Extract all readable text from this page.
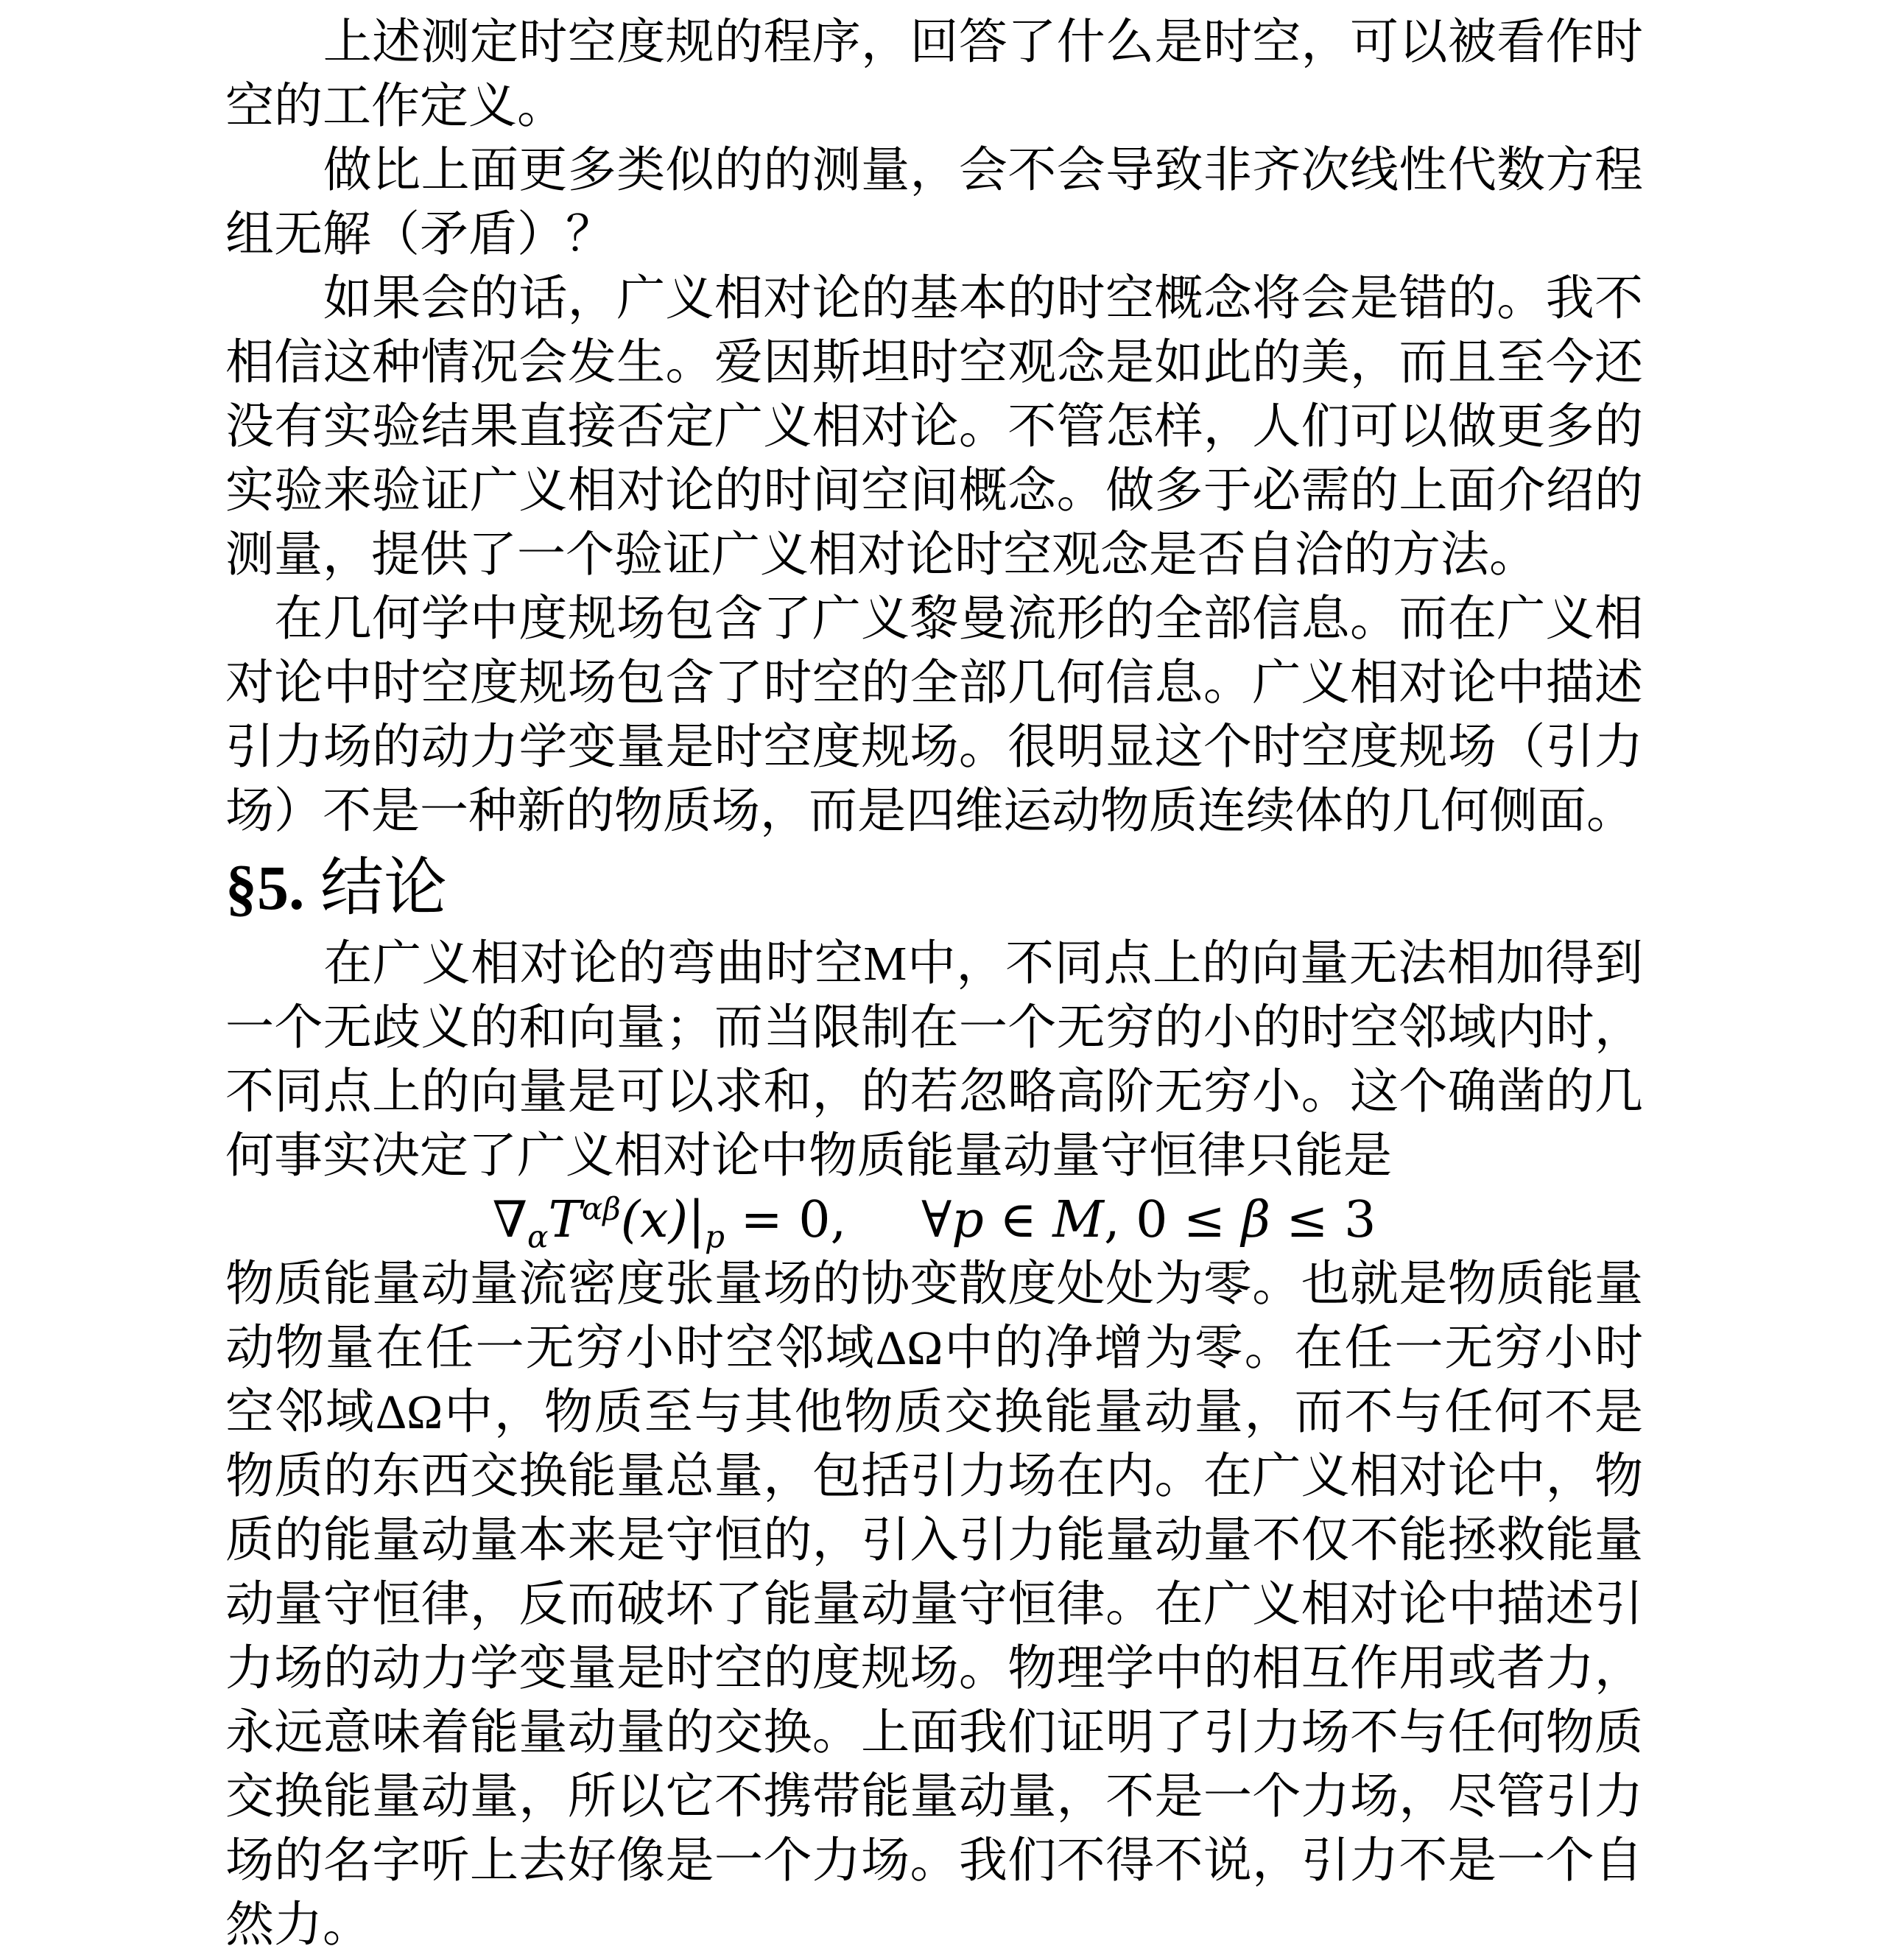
　　上述测定时空度规的程序，回答了什么是时空，可以被看作时空的工作定义。

　　做比上面更多类似的的测量，会不会导致非齐次线性代数方程组无解（矛盾）？

　　如果会的话，广义相对论的基本的时空概念将会是错的。我不相信这种情况会发生。爱因斯坦时空观念是如此的美，而且至今还没有实验结果直接否定广义相对论。不管怎样，人们可以做更多的实验来验证广义相对论的时间空间概念。做多于必需的上面介绍的测量，提供了一个验证广义相对论时空观念是否自洽的方法。

　在几何学中度规场包含了广义黎曼流形的全部信息。而在广义相对论中时空度规场包含了时空的全部几何信息。广义相对论中描述引力场的动力学变量是时空度规场。很明显这个时空度规场（引力场）不是一种新的物质场，而是四维运动物质连续体的几何侧面。

§5. 结论

　　在广义相对论的弯曲时空M中，不同点上的向量无法相加得到一个无歧义的和向量；而当限制在一个无穷的小的时空邻域内时，不同点上的向量是可以求和，的若忽略高阶无穷小。这个确凿的几何事实决定了广义相对论中物质能量动量守恒律只能是

$\nabla_\alpha T^{\alpha\beta}(x)|_p = 0$, ∀p ∈ M, 0 ≤ β ≤ 3

物质能量动量流密度张量场的协变散度处处为零。也就是物质能量动物量在任一无穷小时空邻域ΔΩ中的净增为零。在任一无穷小时空邻域ΔΩ中，物质至与其他物质交换能量动量，而不与任何不是物质的东西交换能量总量，包括引力场在内。在广义相对论中，物质的能量动量本来是守恒的，引入引力能量动量不仅不能拯救能量动量守恒律，反而破坏了能量动量守恒律。在广义相对论中描述引力场的动力学变量是时空的度规场。物理学中的相互作用或者力，永远意味着能量动量的交换。上面我们证明了引力场不与任何物质交换能量动量，所以它不携带能量动量，不是一个力场，尽管引力场的名字听上去好像是一个力场。我们不得不说，引力不是一个自然力。
